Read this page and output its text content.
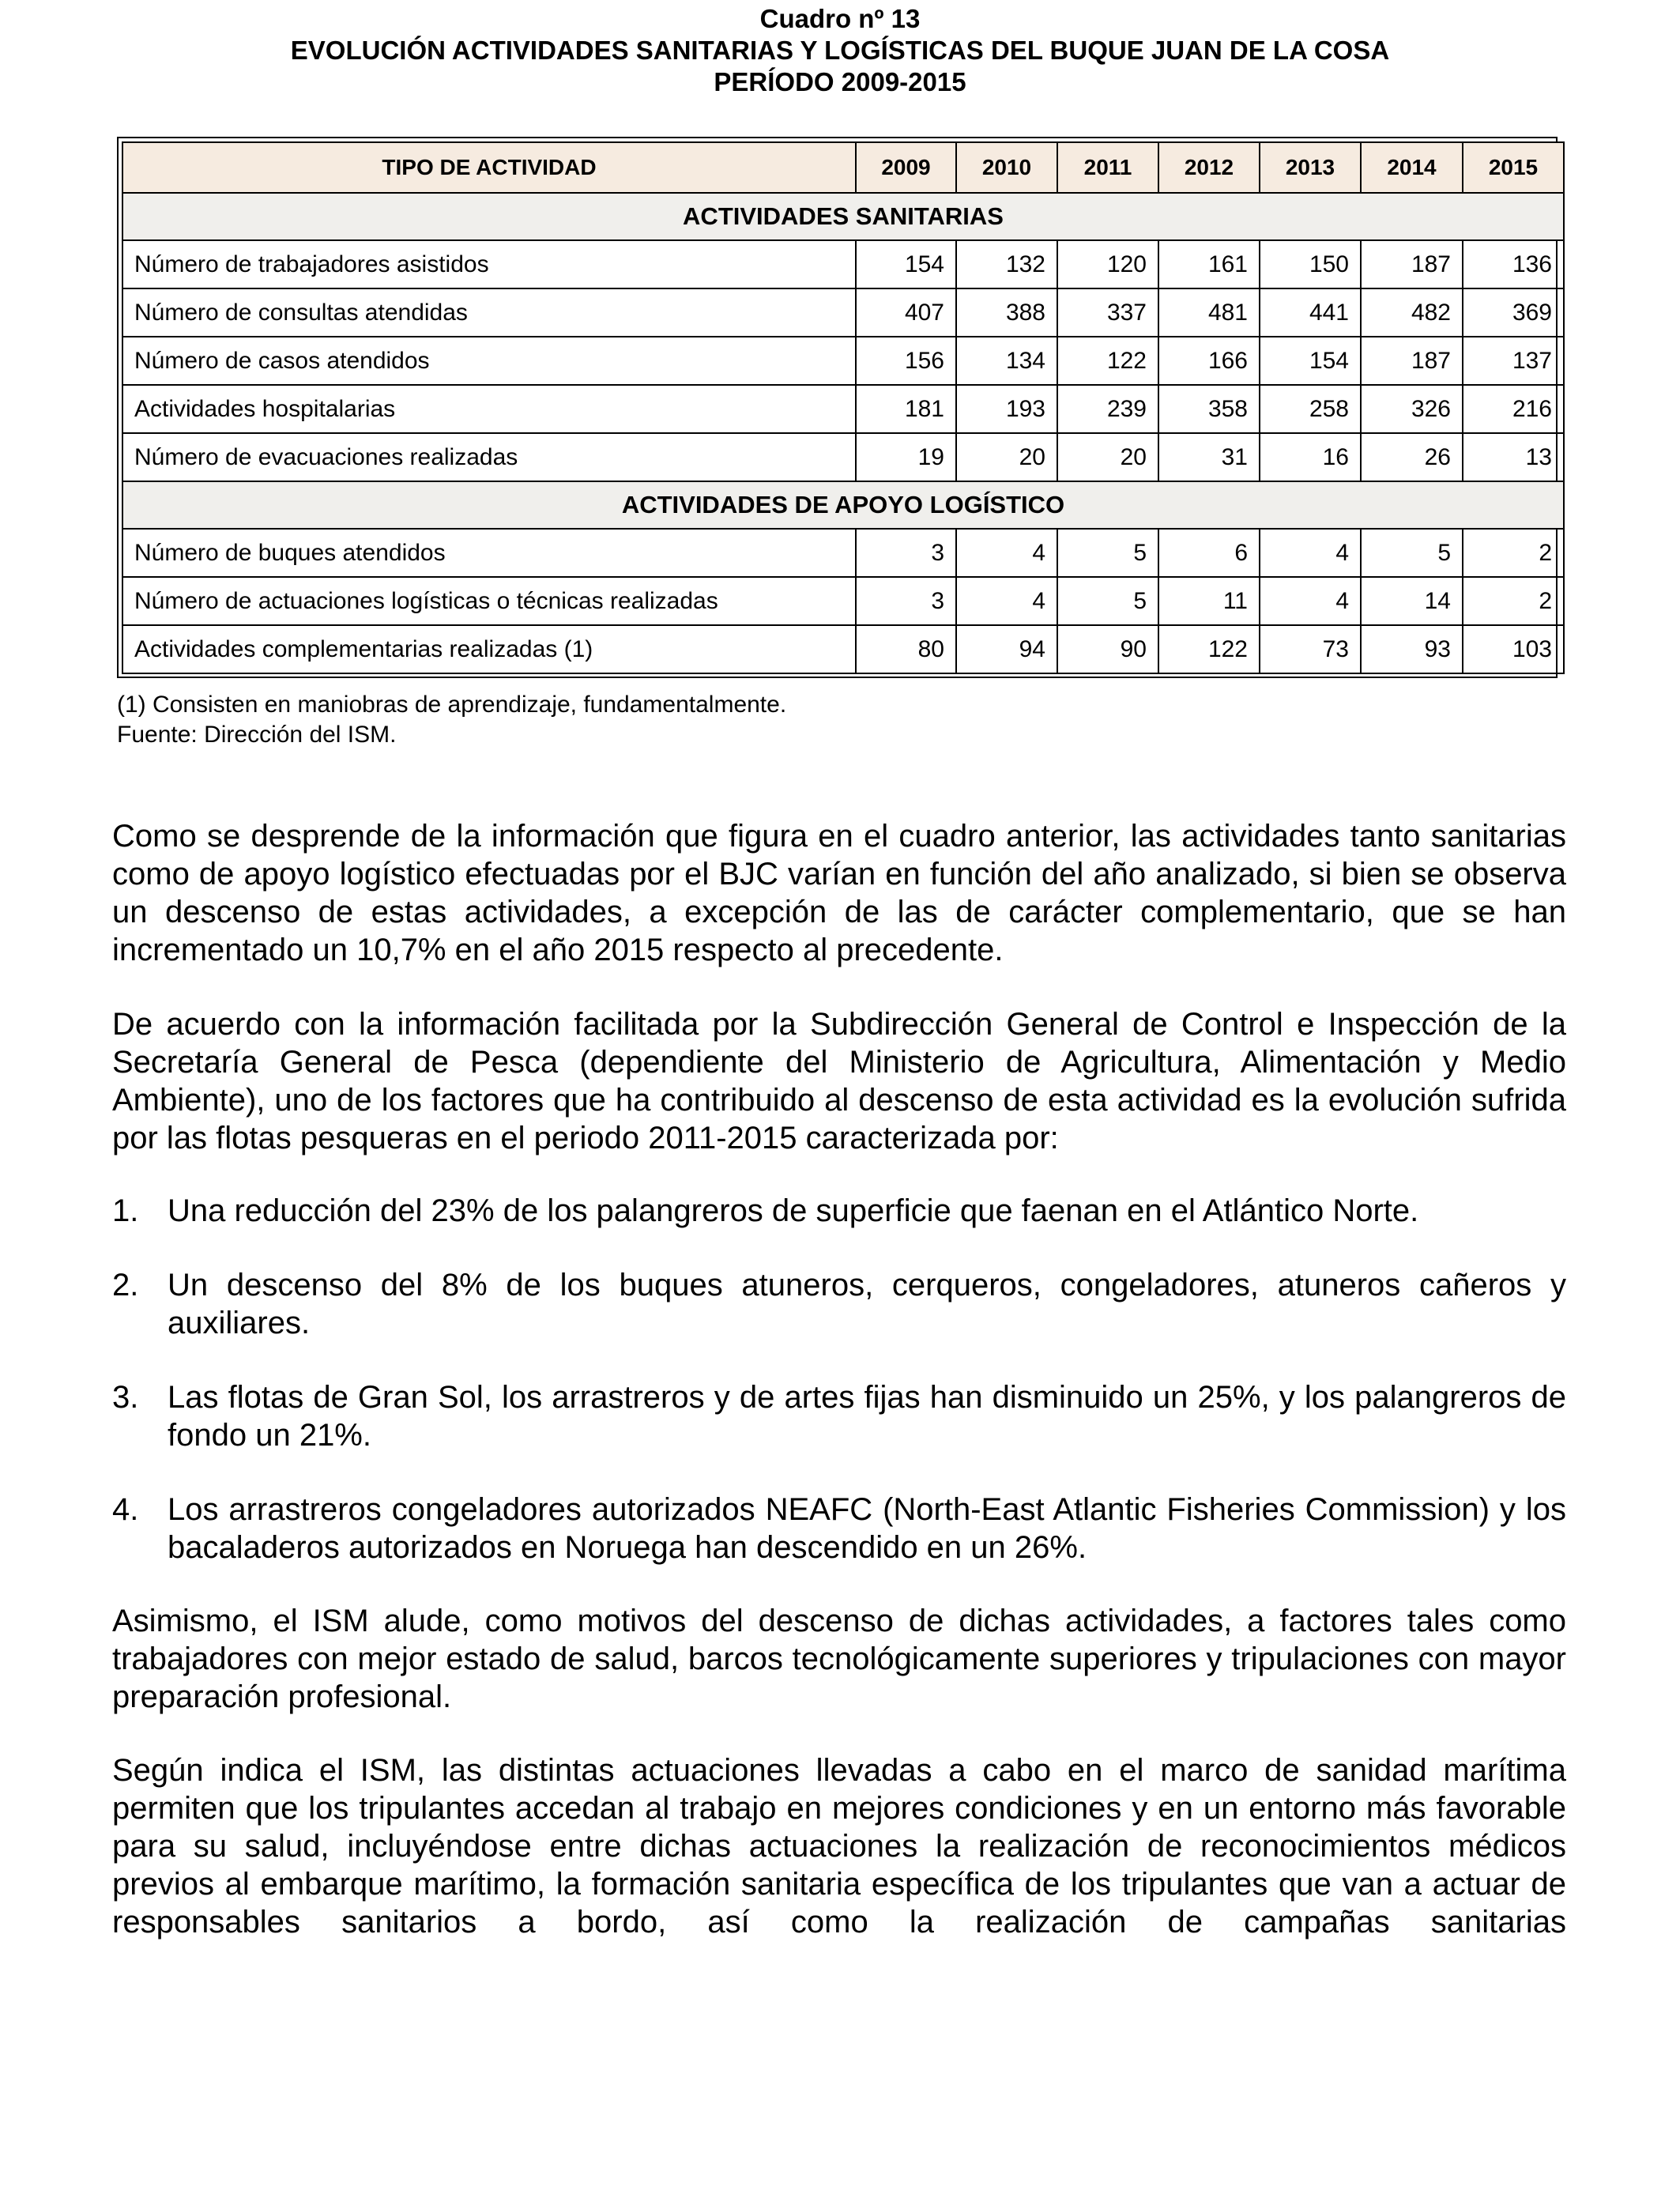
Cuadro nº 13
EVOLUCIÓN ACTIVIDADES SANITARIAS Y LOGÍSTICAS DEL BUQUE JUAN DE LA COSA
PERÍODO 2009-2015
TIPO DE ACTIVIDAD	2009	2010	2011	2012	2013	2014	2015
ACTIVIDADES SANITARIAS							
Número de trabajadores asistidos	154	132	120	161	150	187	136
Número de consultas atendidas	407	388	337	481	441	482	369
Número de casos atendidos	156	134	122	166	154	187	137
Actividades hospitalarias	181	193	239	358	258	326	216
Número de evacuaciones realizadas	19	20	20	31	16	26	13
ACTIVIDADES DE APOYO LOGÍSTICO							
Número de buques atendidos	3	4	5	6	4	5	2
Número de actuaciones logísticas o técnicas realizadas	3	4	5	11	4	14	2
Actividades complementarias realizadas (1)	80	94	90	122	73	93	103
(1) Consisten en maniobras de aprendizaje, fundamentalmente.
Fuente: Dirección del ISM.

Como se desprende de la información que figura en el cuadro anterior, las actividades tanto sanitarias como de apoyo logístico efectuadas por el BJC varían en función del año analizado, si bien se observa un descenso de estas actividades, a excepción de las de carácter complementario, que se han incrementado un 10,7% en el año 2015 respecto al precedente.

De acuerdo con la información facilitada por la Subdirección General de Control e Inspección de la Secretaría General de Pesca (dependiente del Ministerio de Agricultura, Alimentación y Medio Ambiente), uno de los factores que ha contribuido al descenso de esta actividad es la evolución sufrida por las flotas pesqueras en el periodo 2011-2015 caracterizada por:

1. Una reducción del 23% de los palangreros de superficie que faenan en el Atlántico Norte.
2. Un descenso del 8% de los buques atuneros, cerqueros, congeladores, atuneros cañeros y auxiliares.
3. Las flotas de Gran Sol, los arrastreros y de artes fijas han disminuido un 25%, y los palangreros de fondo un 21%.
4. Los arrastreros congeladores autorizados NEAFC (North-East Atlantic Fisheries Commission) y los bacaladeros autorizados en Noruega han descendido en un 26%.

Asimismo, el ISM alude, como motivos del descenso de dichas actividades, a factores tales como trabajadores con mejor estado de salud, barcos tecnológicamente superiores y tripulaciones con mayor preparación profesional.

Según indica el ISM, las distintas actuaciones llevadas a cabo en el marco de sanidad marítima permiten que los tripulantes accedan al trabajo en mejores condiciones y en un entorno más favorable para su salud, incluyéndose entre dichas actuaciones la realización de reconocimientos médicos previos al embarque marítimo, la formación sanitaria específica de los tripulantes que van a actuar de responsables sanitarios a bordo, así como la realización de campañas sanitarias
